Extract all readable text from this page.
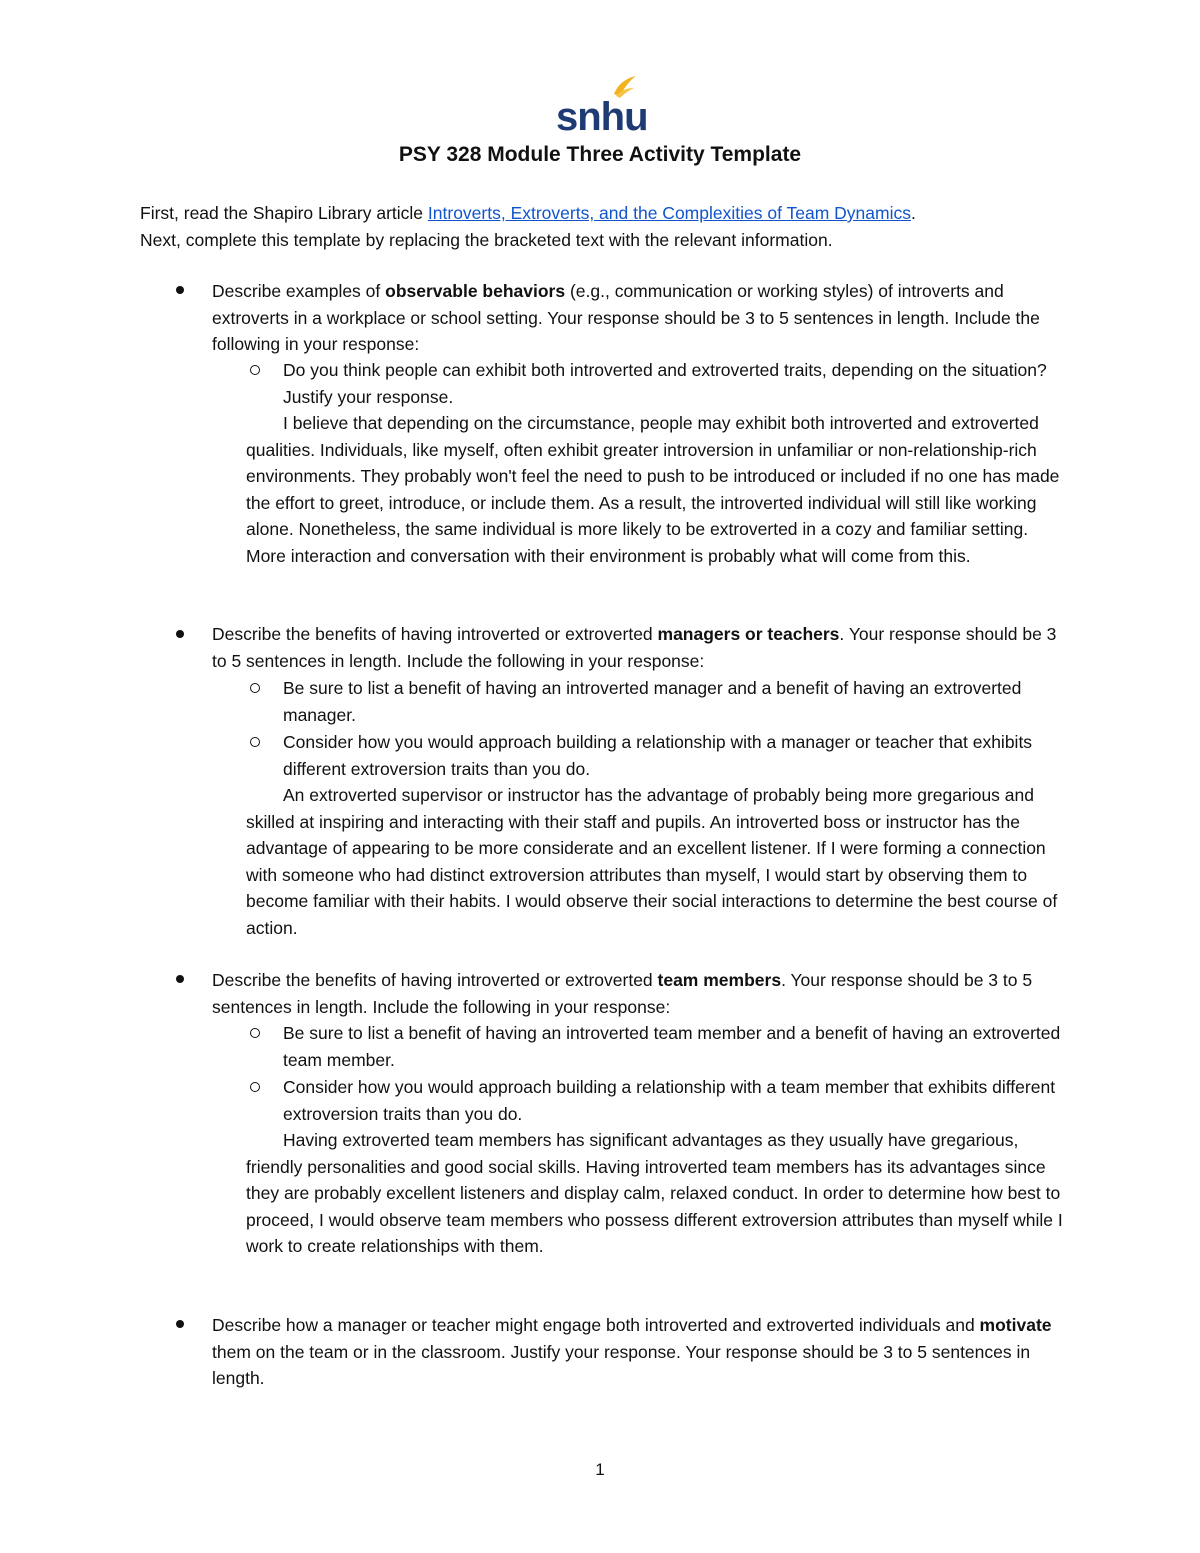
snhu
PSY 328 Module Three Activity Template

First, read the Shapiro Library article Introverts, Extroverts, and the Complexities of Team Dynamics.
Next, complete this template by replacing the bracketed text with the relevant information.

Describe examples of observable behaviors (e.g., communication or working styles) of introverts and extroverts in a workplace or school setting. Your response should be 3 to 5 sentences in length. Include the following in your response:

Do you think people can exhibit both introverted and extroverted traits, depending on the situation? Justify your response.

I believe that depending on the circumstance, people may exhibit both introverted and extroverted qualities. Individuals, like myself, often exhibit greater introversion in unfamiliar or non-relationship-rich environments. They probably won't feel the need to push to be introduced or included if no one has made the effort to greet, introduce, or include them. As a result, the introverted individual will still like working alone. Nonetheless, the same individual is more likely to be extroverted in a cozy and familiar setting. More interaction and conversation with their environment is probably what will come from this.

Describe the benefits of having introverted or extroverted managers or teachers. Your response should be 3 to 5 sentences in length. Include the following in your response:

Be sure to list a benefit of having an introverted manager and a benefit of having an extroverted manager.

Consider how you would approach building a relationship with a manager or teacher that exhibits different extroversion traits than you do.

An extroverted supervisor or instructor has the advantage of probably being more gregarious and skilled at inspiring and interacting with their staff and pupils. An introverted boss or instructor has the advantage of appearing to be more considerate and an excellent listener. If I were forming a connection with someone who had distinct extroversion attributes than myself, I would start by observing them to become familiar with their habits. I would observe their social interactions to determine the best course of action.

Describe the benefits of having introverted or extroverted team members. Your response should be 3 to 5 sentences in length. Include the following in your response:

Be sure to list a benefit of having an introverted team member and a benefit of having an extroverted team member.

Consider how you would approach building a relationship with a team member that exhibits different extroversion traits than you do.

Having extroverted team members has significant advantages as they usually have gregarious, friendly personalities and good social skills. Having introverted team members has its advantages since they are probably excellent listeners and display calm, relaxed conduct. In order to determine how best to proceed, I would observe team members who possess different extroversion attributes than myself while I work to create relationships with them.

Describe how a manager or teacher might engage both introverted and extroverted individuals and motivate them on the team or in the classroom. Justify your response. Your response should be 3 to 5 sentences in length.

1
